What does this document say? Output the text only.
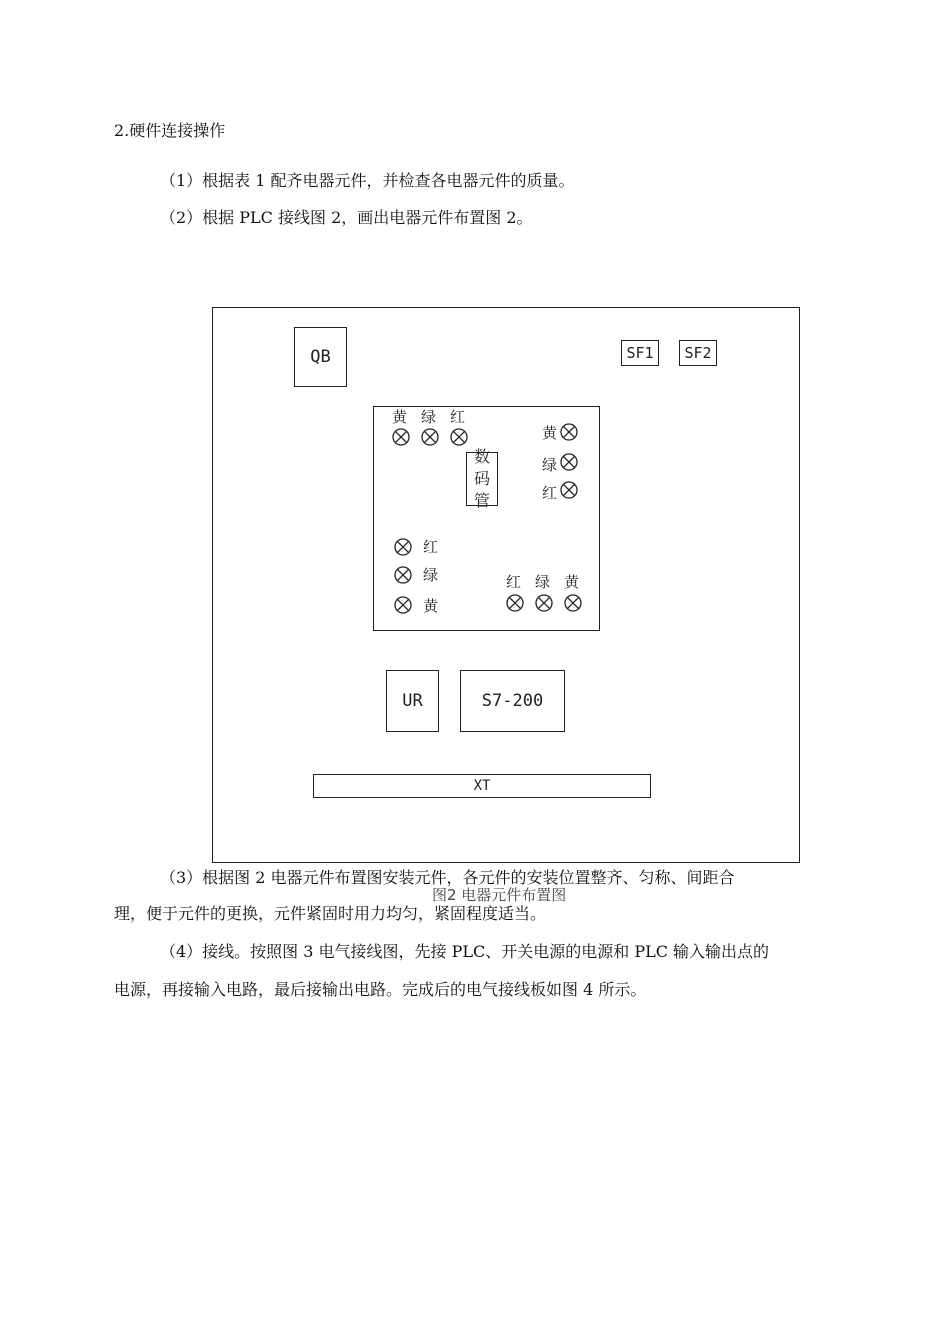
2.硬件连接操作
（1）根据表 1 配齐电器元件，并检查各电器元件的质量。
（2）根据 PLC 接线图 2，画出电器元件布置图 2。
QB	SF1 SF2
黄 绿 红
黄
绿
红
数
码
管
红
绿
黄
红 绿 黄
UR	S7-200
XT
图2 电器元件布置图
（3）根据图 2 电器元件布置图安装元件，各元件的安装位置整齐、匀称、间距合
理，便于元件的更换，元件紧固时用力均匀，紧固程度适当。
（4）接线。按照图 3 电气接线图，先接 PLC、开关电源的电源和 PLC 输入输出点的
电源，再接输入电路，最后接输出电路。完成后的电气接线板如图 4 所示。
